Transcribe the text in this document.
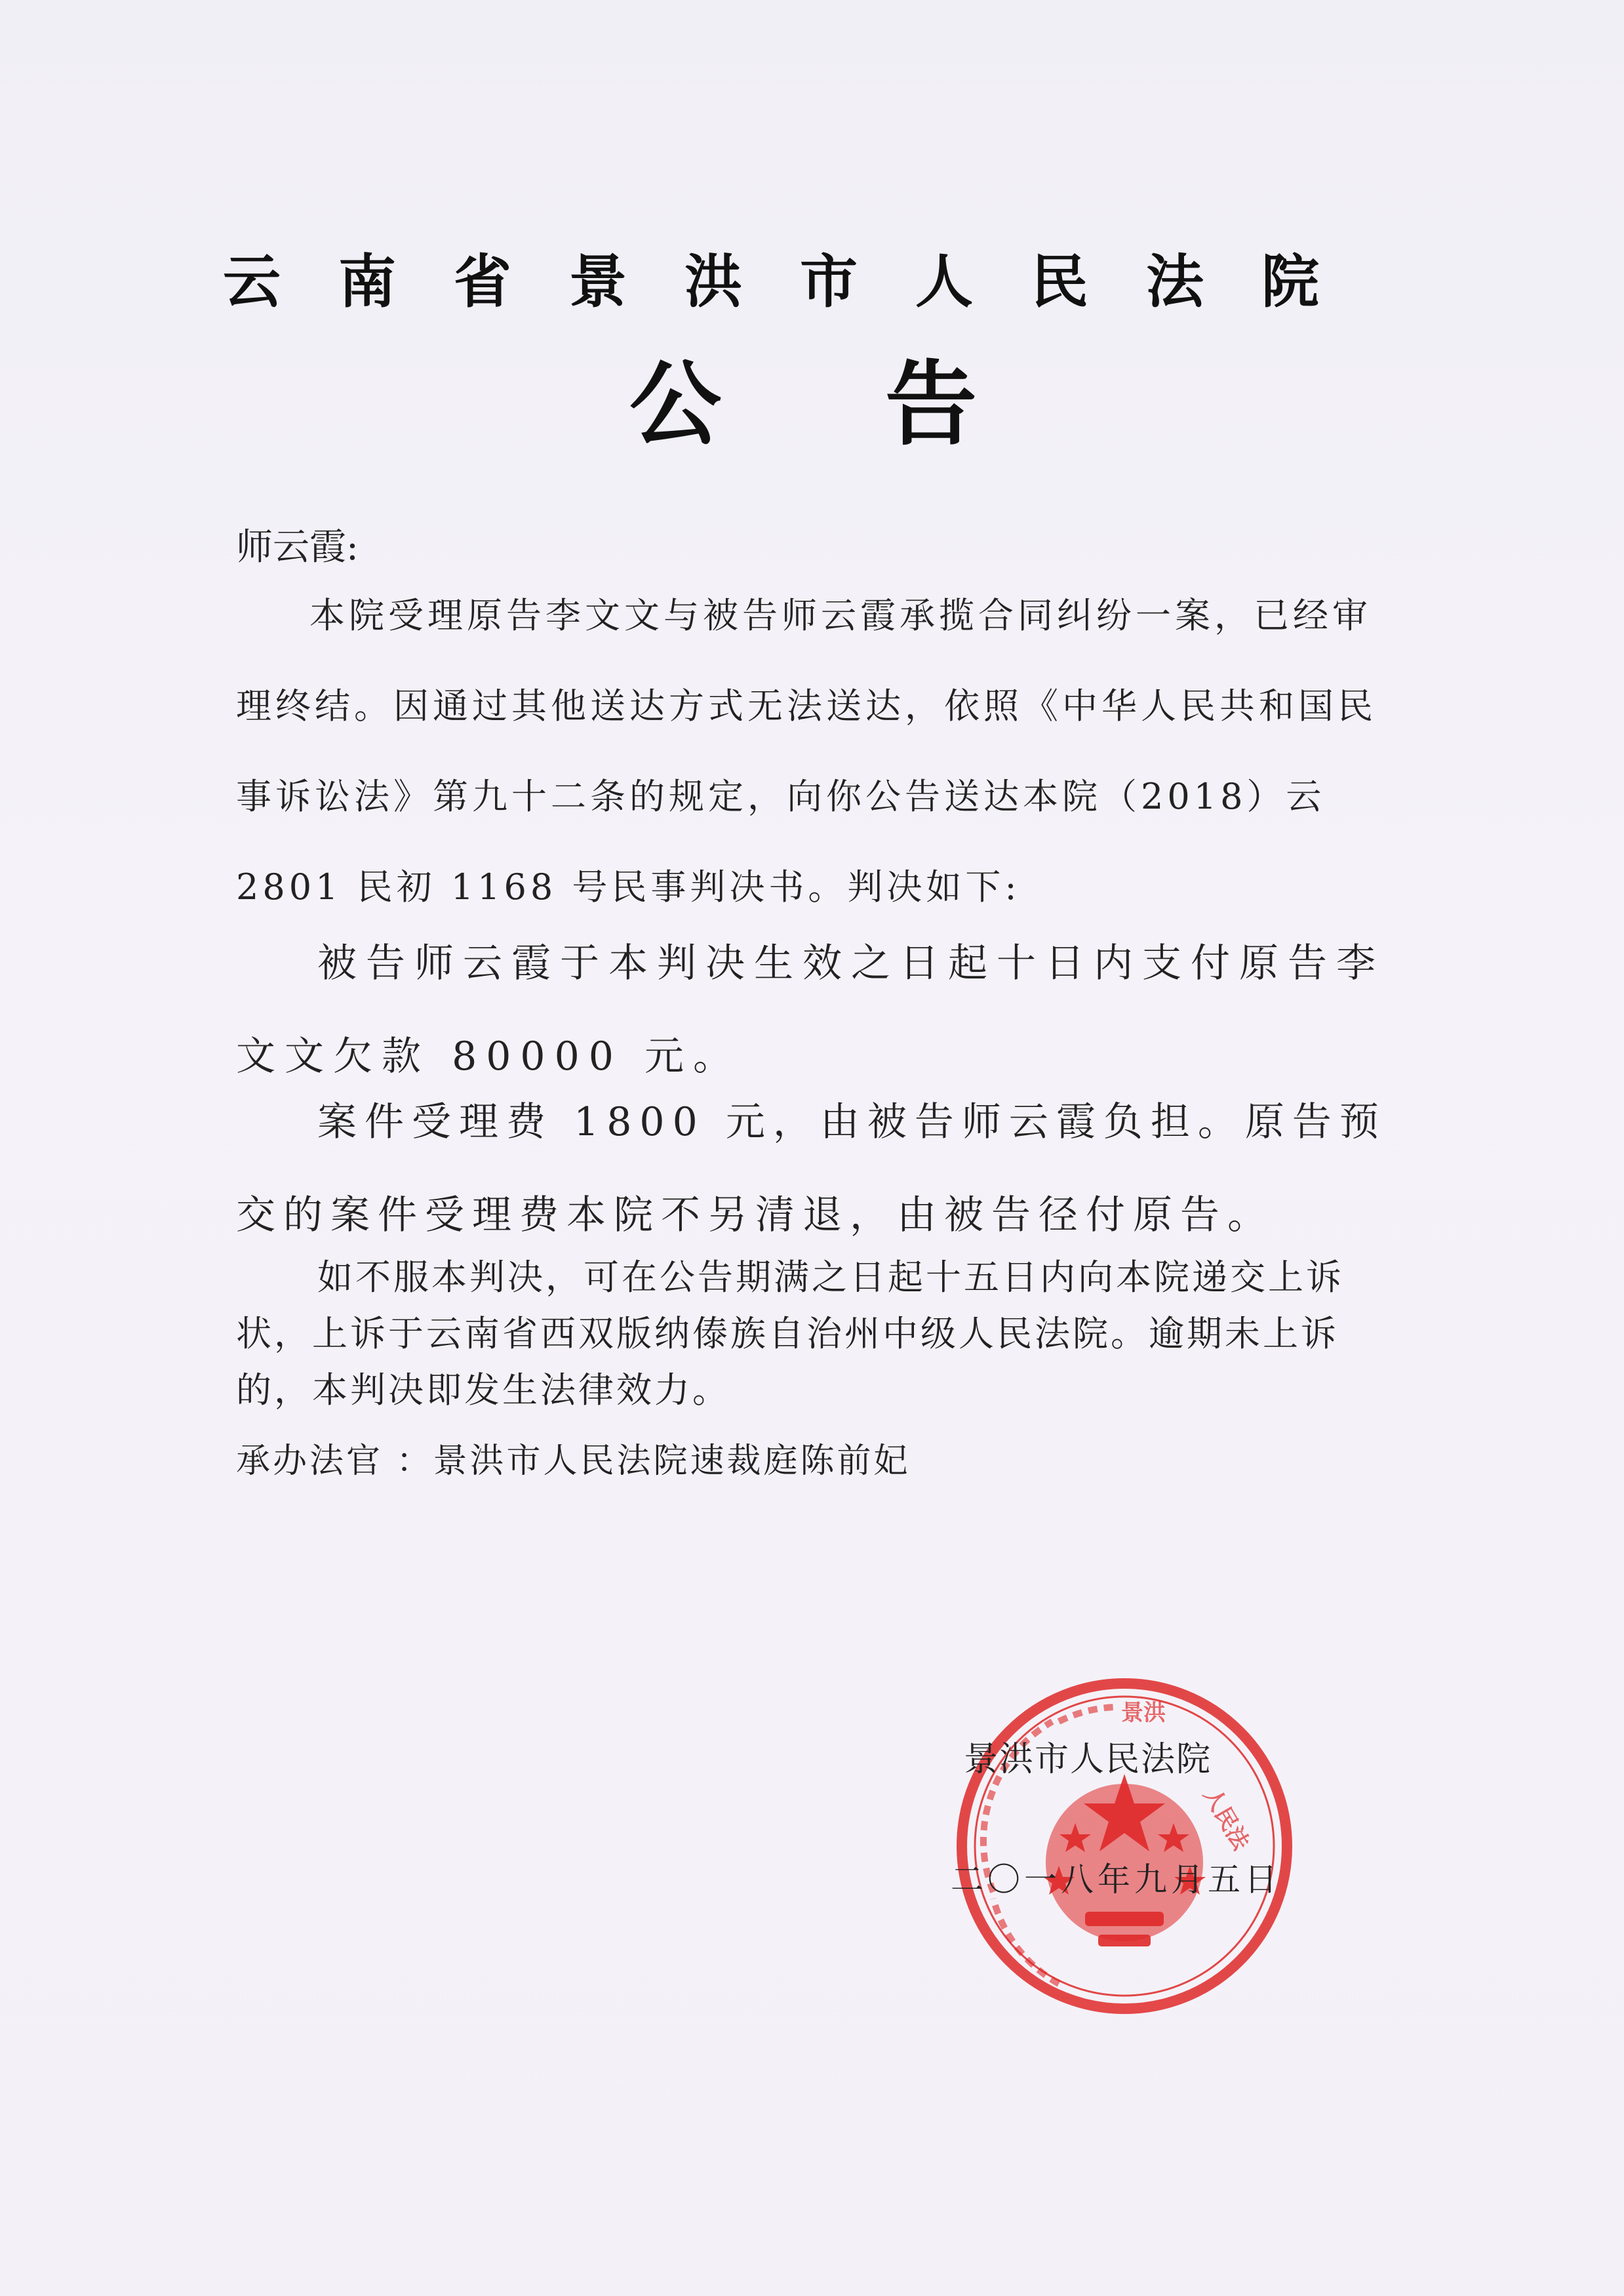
云南省景洪市人民法院
公告
师云霞:
本院受理原告李文文与被告师云霞承揽合同纠纷一案，已经审理终结。因通过其他送达方式无法送达，依照《中华人民共和国民事诉讼法》第九十二条的规定，向你公告送达本院（2018）云 2801 民初 1168 号民事判决书。判决如下:
被告师云霞于本判决生效之日起十日内支付原告李文文欠款 80000 元。
案件受理费 1800 元，由被告师云霞负担。原告预交的案件受理费本院不另清退，由被告径付原告。
如不服本判决，可在公告期满之日起十五日内向本院递交上诉状，上诉于云南省西双版纳傣族自治州中级人民法院。逾期未上诉的，本判决即发生法律效力。
承办法官 ：景洪市人民法院速裁庭陈前妃
景洪
人民法
景洪市人民法院
二〇一八年九月五日
